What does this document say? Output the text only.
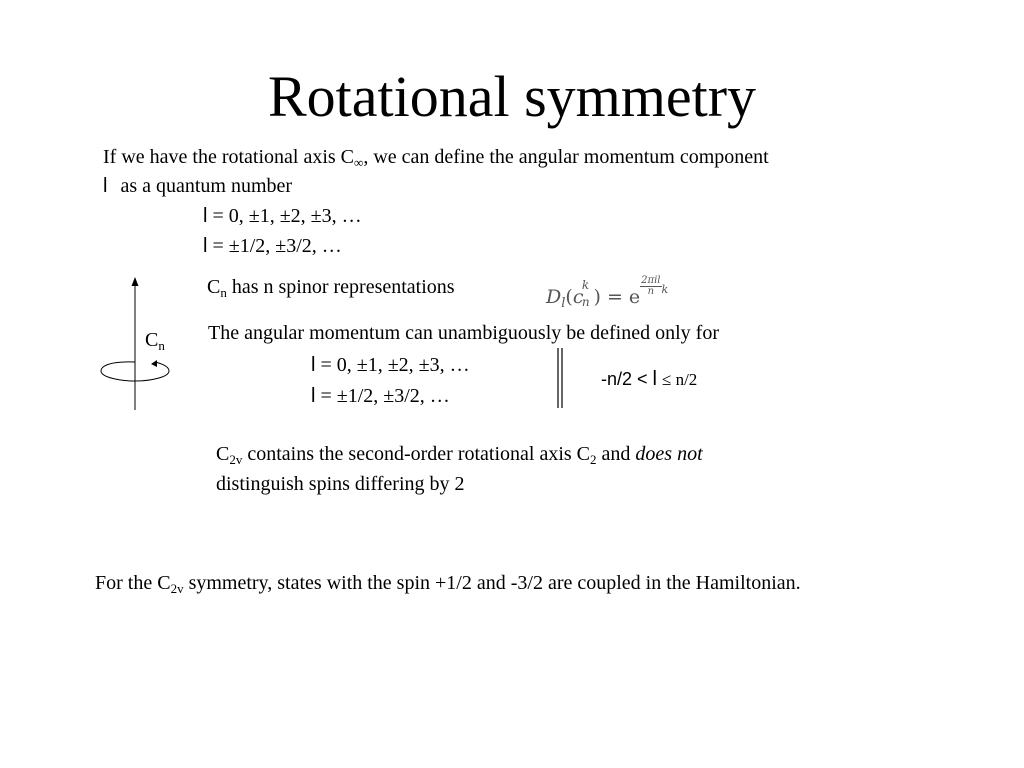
Rotational symmetry
If we have the rotational axis $C_\infty$, we can define the angular momentum component
l as a quantum number
l = 0, ±1, ±2, ±3, …
l = ±1/2, ±3/2, …
$C_n$ has n spinor representations	$D_l(c$
k
n ) = e $\frac{\text{2πil}}{n} ^k$
$C_n$
The angular momentum can unambiguously be defined only for
l = 0, ±1, ±2, ±3, …
l = ±1/2, ±3/2, …
-n/2 < l ≤ n/2
$C_{2v}$ contains the second-order rotational axis $C_2$ and does not
distinguish spins differing by 2
For the $C_{2v}$ symmetry, states with the spin +1/2 and -3/2 are coupled in the Hamiltonian.
